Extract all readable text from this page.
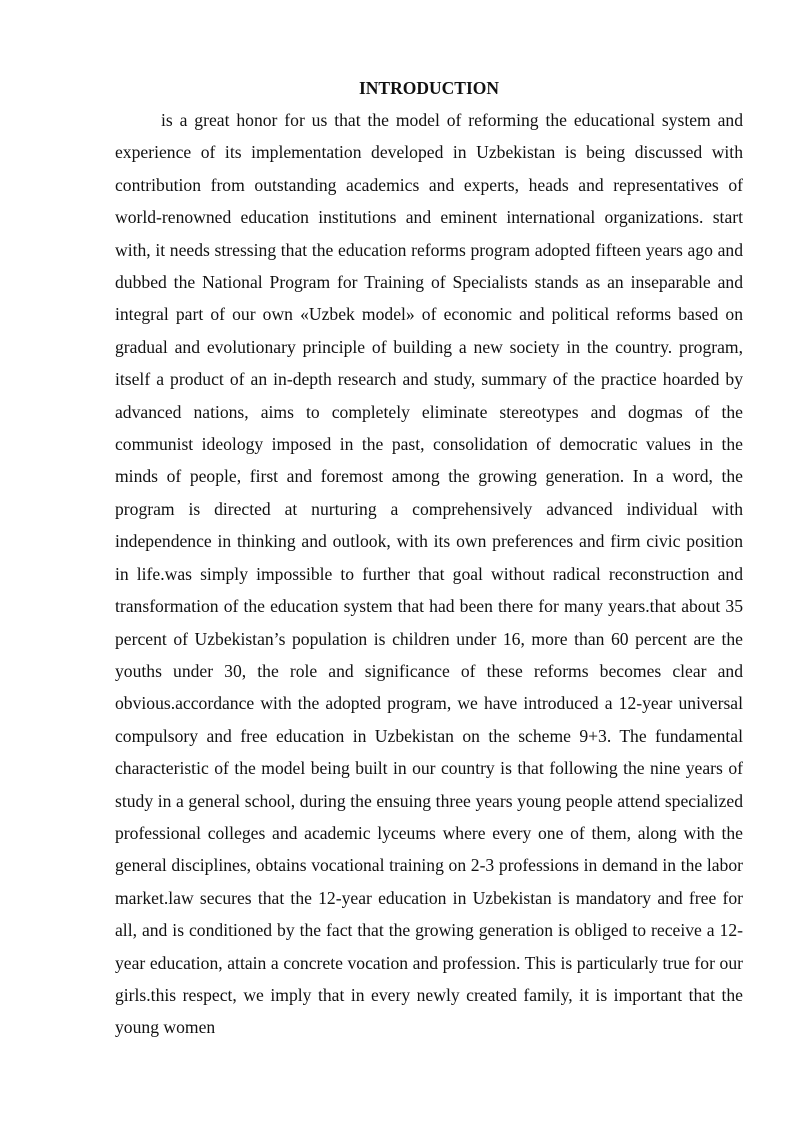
INTRODUCTION

is a great honor for us that the model of reforming the educational system and experience of its implementation developed in Uzbekistan is being discussed with contribution from outstanding academics and experts, heads and representatives of world-renowned education institutions and eminent international organizations. start with, it needs stressing that the education reforms program adopted fifteen years ago and dubbed the National Program for Training of Specialists stands as an inseparable and integral part of our own «Uzbek model» of economic and political reforms based on gradual and evolutionary principle of building a new society in the country. program, itself a product of an in-depth research and study, summary of the practice hoarded by advanced nations, aims to completely eliminate stereotypes and dogmas of the communist ideology imposed in the past, consolidation of democratic values in the minds of people, first and foremost among the growing generation. In a word, the program is directed at nurturing a comprehensively advanced individual with independence in thinking and outlook, with its own preferences and firm civic position in life.was simply impossible to further that goal without radical reconstruction and transformation of the education system that had been there for many years.that about 35 percent of Uzbekistan’s population is children under 16, more than 60 percent are the youths under 30, the role and significance of these reforms becomes clear and obvious.accordance with the adopted program, we have introduced a 12-year universal compulsory and free education in Uzbekistan on the scheme 9+3. The fundamental characteristic of the model being built in our country is that following the nine years of study in a general school, during the ensuing three years young people attend specialized professional colleges and academic lyceums where every one of them, along with the general disciplines, obtains vocational training on 2-3 professions in demand in the labor market.law secures that the 12-year education in Uzbekistan is mandatory and free for all, and is conditioned by the fact that the growing generation is obliged to receive a 12-year education, attain a concrete vocation and profession. This is particularly true for our girls.this respect, we imply that in every newly created family, it is important that the young women
